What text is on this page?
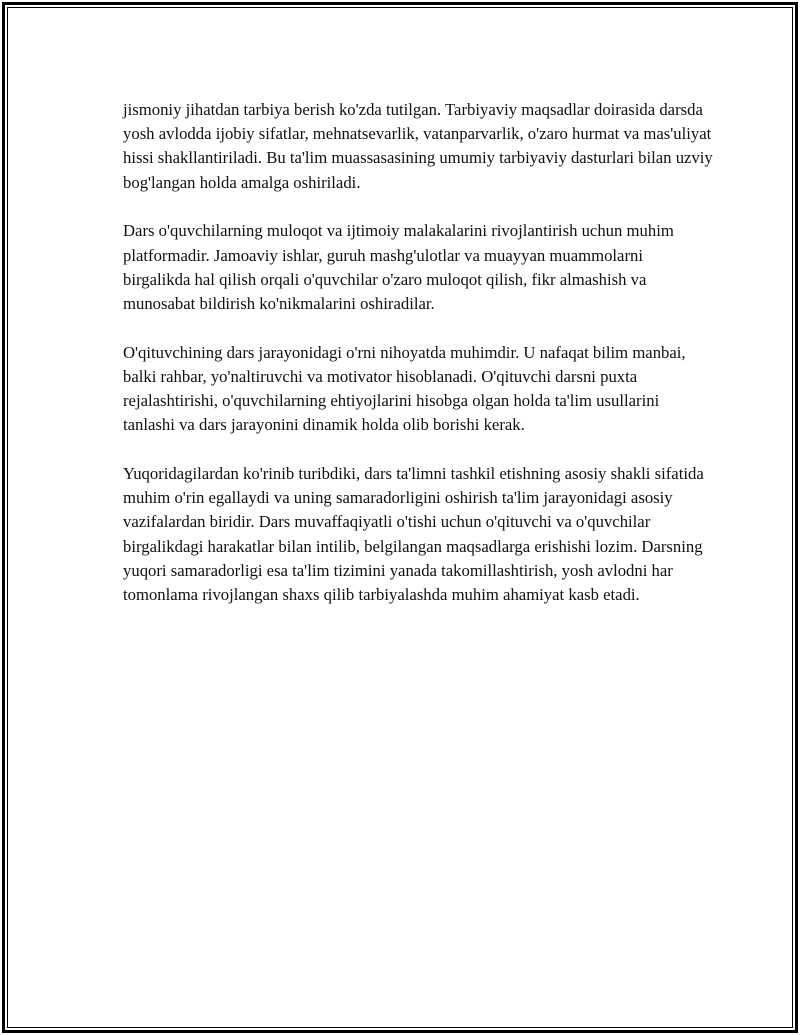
jismoniy jihatdan tarbiya berish ko'zda tutilgan. Tarbiyaviy maqsadlar doirasida darsda yosh avlodda ijobiy sifatlar, mehnatsevarlik, vatanparvarlik, o'zaro hurmat va mas'uliyat hissi shakllantiriladi. Bu ta'lim muassasasining umumiy tarbiyaviy dasturlari bilan uzviy bog'langan holda amalga oshiriladi.

Dars o'quvchilarning muloqot va ijtimoiy malakalarini rivojlantirish uchun muhim platformadir. Jamoaviy ishlar, guruh mashg'ulotlar va muayyan muammolarni birgalikda hal qilish orqali o'quvchilar o'zaro muloqot qilish, fikr almashish va munosabat bildirish ko'nikmalarini oshiradilar.

O'qituvchining dars jarayonidagi o'rni nihoyatda muhimdir. U nafaqat bilim manbai, balki rahbar, yo'naltiruvchi va motivator hisoblanadi. O'qituvchi darsni puxta rejalashtirishi, o'quvchilarning ehtiyojlarini hisobga olgan holda ta'lim usullarini tanlashi va dars jarayonini dinamik holda olib borishi kerak.

Yuqoridagilardan ko'rinib turibdiki, dars ta'limni tashkil etishning asosiy shakli sifatida muhim o'rin egallaydi va uning samaradorligini oshirish ta'lim jarayonidagi asosiy vazifalardan biridir. Dars muvaffaqiyatli o'tishi uchun o'qituvchi va o'quvchilar birgalikdagi harakatlar bilan intilib, belgilangan maqsadlarga erishishi lozim. Darsning yuqori samaradorligi esa ta'lim tizimini yanada takomillashtirish, yosh avlodni har tomonlama rivojlangan shaxs qilib tarbiyalashda muhim ahamiyat kasb etadi.
